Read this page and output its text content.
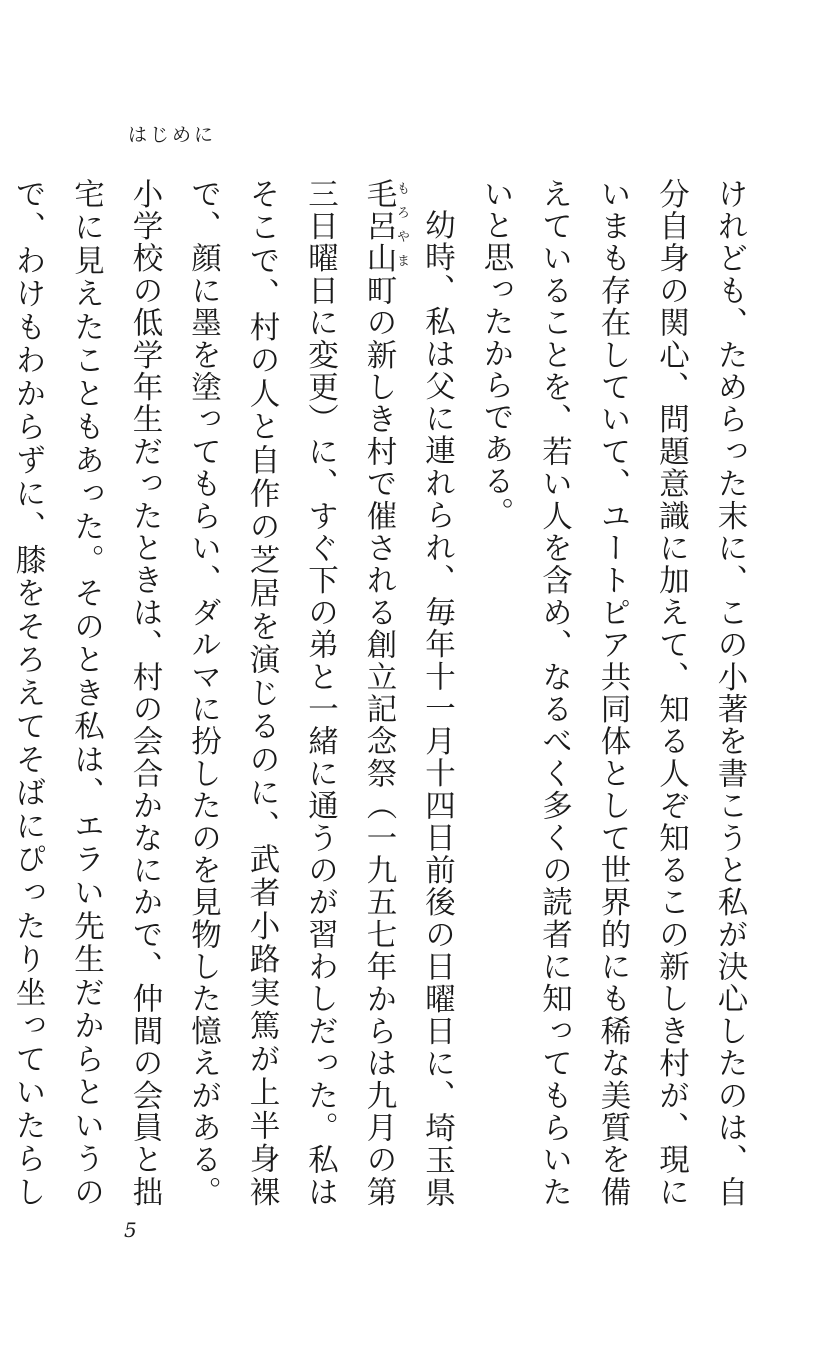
はじめに

けれども、ためらった末に、この小著を書こうと私が決心したのは、自分自身の関心、問題意識に加えて、知る人ぞ知るこの新しき村が、現にいまも存在していて、ユートピア共同体として世界的にも稀な美質を備えていることを、若い人を含め、なるべく多くの読者に知ってもらいたいと思ったからである。

幼時、私は父に連れられ、毎年十一月十四日前後の日曜日に、埼玉県毛呂山もろやま町の新しき村で催される創立記念祭（一九五七年からは九月の第三日曜日に変更）に、すぐ下の弟と一緒に通うのが習わしだった。私はそこで、村の人と自作の芝居を演じるのに、武者小路実篤が上半身裸で、顔に墨を塗ってもらい、ダルマに扮したのを見物した憶えがある。小学校の低学年生だったときは、村の会合かなにかで、仲間の会員と拙宅に見えたこともあった。そのとき私は、エラい先生だからというので、わけもわからずに、膝をそろえてそばにぴったり坐っていたらし

5
